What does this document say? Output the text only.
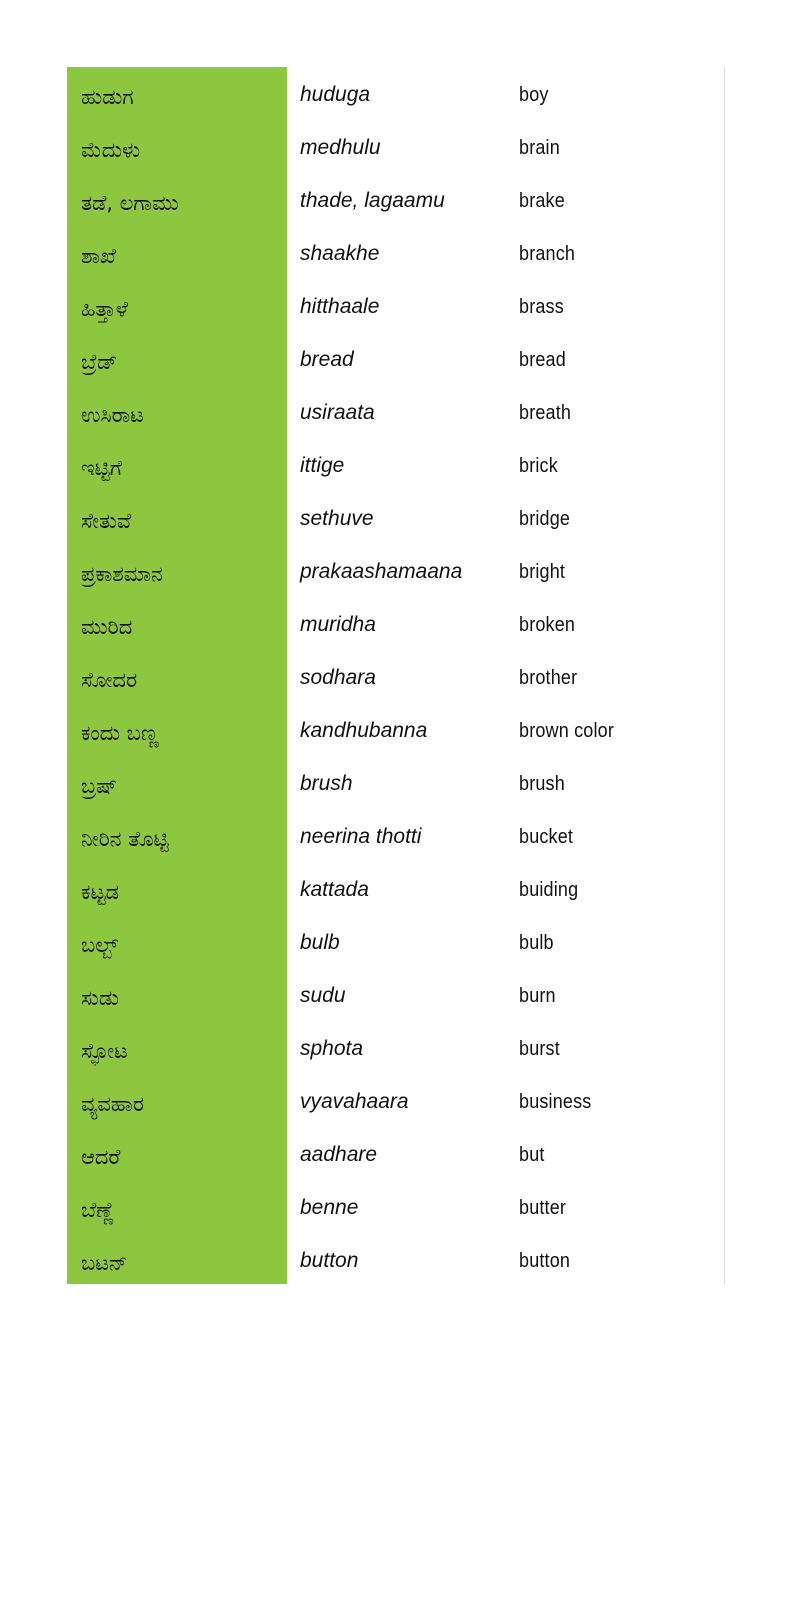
ಹುಡುಗ	huduga	boy
ಮೆದುಳು	medhulu	brain
ತಡೆ, ಲಗಾಮು	thade, lagaamu	brake
ಶಾಖೆ	shaakhe	branch
ಹಿತ್ತಾಳೆ	hitthaale	brass
ಬ್ರೆಡ್	bread	bread
ಉಸಿರಾಟ	usiraata	breath
ಇಟ್ಟಿಗೆ	ittige	brick
ಸೇತುವೆ	sethuve	bridge
ಪ್ರಕಾಶಮಾನ	prakaashamaana	bright
ಮುರಿದ	muridha	broken
ಸೋದರ	sodhara	brother
ಕಂದು ಬಣ್ಣ	kandhubanna	brown color
ಬ್ರಷ್	brush	brush
ನೀರಿನ ತೊಟ್ಟಿ	neerina thotti	bucket
ಕಟ್ಟಡ	kattada	buiding
ಬಲ್ಬ್	bulb	bulb
ಸುಡು	sudu	burn
ಸ್ಫೋಟ	sphota	burst
ವ್ಯವಹಾರ	vyavahaara	business
ಆದರೆ	aadhare	but
ಬೆಣ್ಣೆ	benne	butter
ಬಟನ್	button	button
